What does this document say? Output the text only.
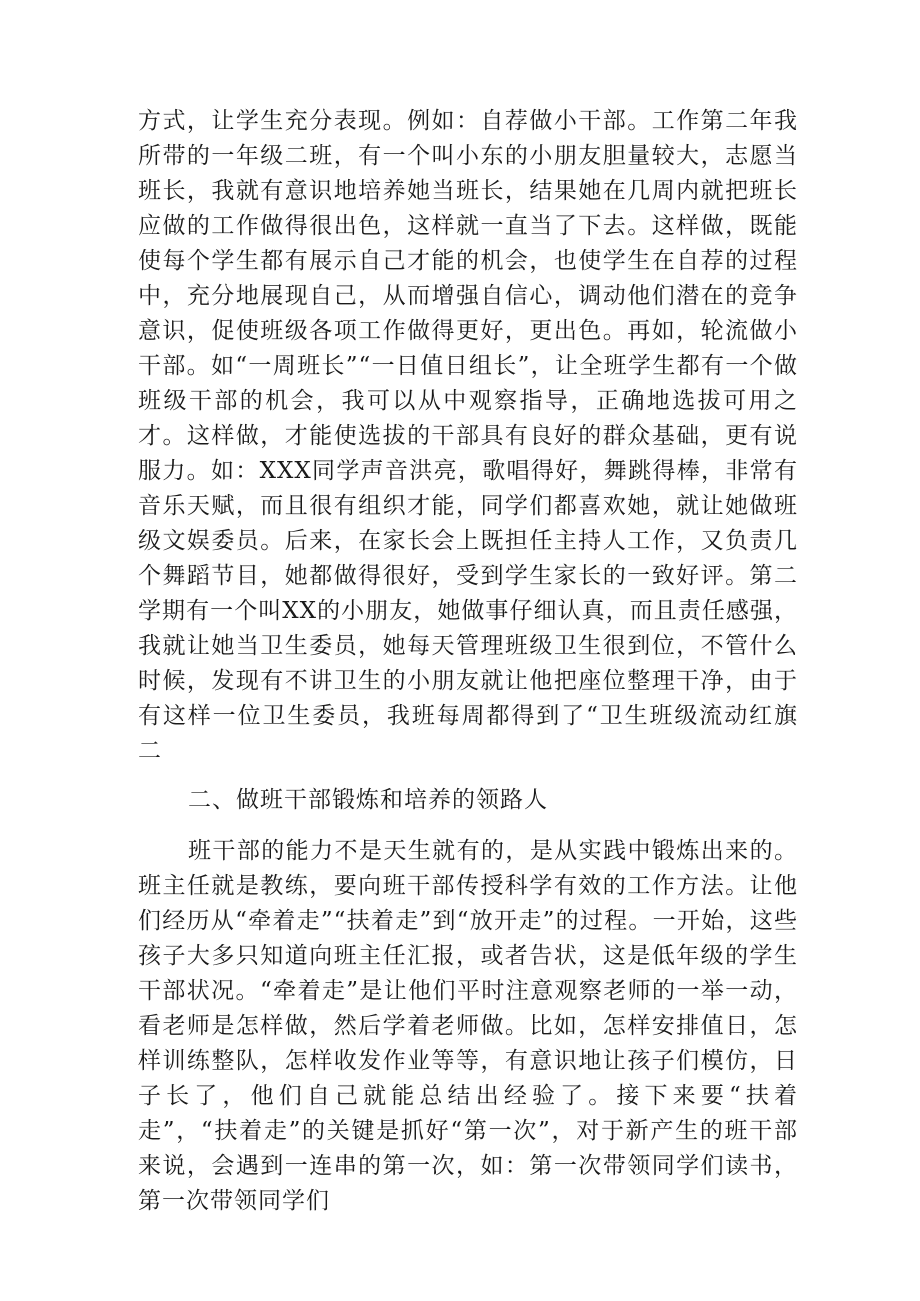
方式，让学生充分表现。例如：自荐做小干部。工作第二年我所带的一年级二班，有一个叫小东的小朋友胆量较大，志愿当班长，我就有意识地培养她当班长，结果她在几周内就把班长应做的工作做得很出色，这样就一直当了下去。这样做，既能使每个学生都有展示自己才能的机会，也使学生在自荐的过程中，充分地展现自己，从而增强自信心，调动他们潜在的竞争意识，促使班级各项工作做得更好，更出色。再如，轮流做小干部。如“一周班长”“一日值日组长”，让全班学生都有一个做班级干部的机会，我可以从中观察指导，正确地选拔可用之才。这样做，才能使选拔的干部具有良好的群众基础，更有说服力。如：XXX同学声音洪亮，歌唱得好，舞跳得棒，非常有音乐天赋，而且很有组织才能，同学们都喜欢她，就让她做班级文娱委员。后来，在家长会上既担任主持人工作，又负责几个舞蹈节目，她都做得很好，受到学生家长的一致好评。第二学期有一个叫XX的小朋友，她做事仔细认真，而且责任感强，我就让她当卫生委员，她每天管理班级卫生很到位，不管什么时候，发现有不讲卫生的小朋友就让他把座位整理干净，由于有这样一位卫生委员，我班每周都得到了“卫生班级流动红旗二

二、做班干部锻炼和培养的领路人

班干部的能力不是天生就有的，是从实践中锻炼出来的。班主任就是教练，要向班干部传授科学有效的工作方法。让他们经历从“牵着走”“扶着走”到“放开走”的过程。一开始，这些孩子大多只知道向班主任汇报，或者告状，这是低年级的学生干部状况。“牵着走”是让他们平时注意观察老师的一举一动，看老师是怎样做，然后学着老师做。比如，怎样安排值日，怎样训练整队，怎样收发作业等等，有意识地让孩子们模仿，日子长了，他们自己就能总结出经验了。接下来要“扶着走”，“扶着走”的关键是抓好“第一次”，对于新产生的班干部来说，会遇到一连串的第一次，如：第一次带领同学们读书，第一次带领同学们
